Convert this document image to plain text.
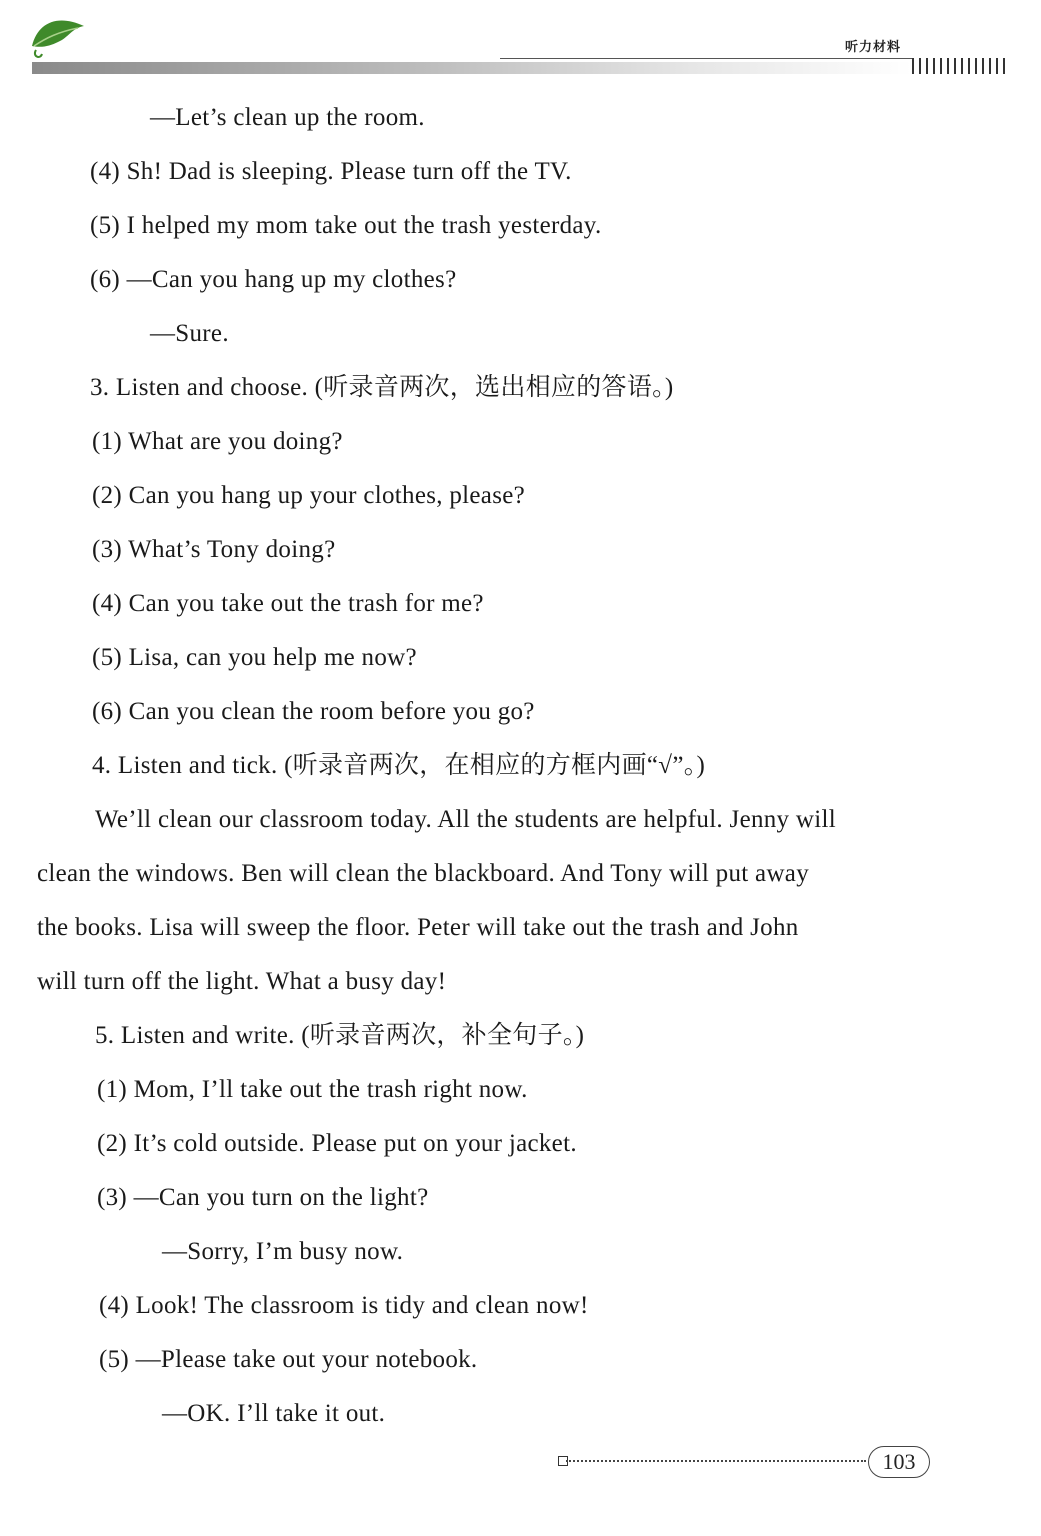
听力材料
—Let’s clean up the room.
(4) Sh! Dad is sleeping. Please turn off the TV.
(5) I helped my mom take out the trash yesterday.
(6) —Can you hang up my clothes?
—Sure.
3. Listen and choose. (听录音两次，选出相应的答语。)
(1) What are you doing?
(2) Can you hang up your clothes, please?
(3) What’s Tony doing?
(4) Can you take out the trash for me?
(5) Lisa, can you help me now?
(6) Can you clean the room before you go?
4. Listen and tick. (听录音两次，在相应的方框内画“√”。)
We’ll clean our classroom today. All the students are helpful. Jenny will
clean the windows. Ben will clean the blackboard. And Tony will put away
the books. Lisa will sweep the floor. Peter will take out the trash and John
will turn off the light. What a busy day!
5. Listen and write. (听录音两次，补全句子。)
(1) Mom, I’ll take out the trash right now.
(2) It’s cold outside. Please put on your jacket.
(3) —Can you turn on the light?
—Sorry, I’m busy now.
(4) Look! The classroom is tidy and clean now!
(5) —Please take out your notebook.
—OK. I’ll take it out.
103
